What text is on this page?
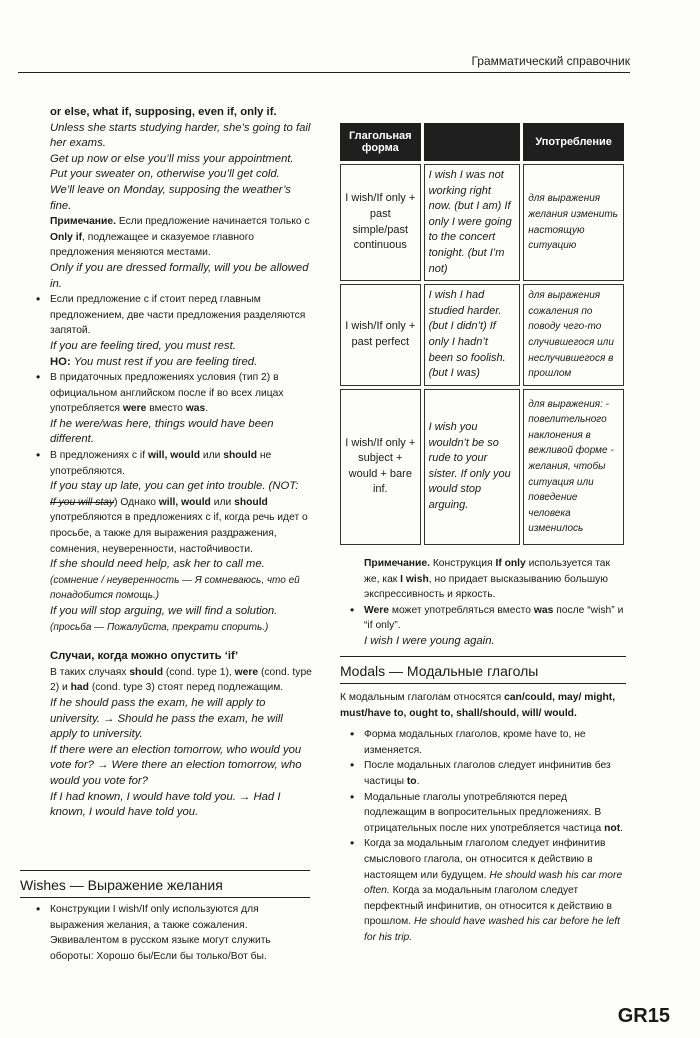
Грамматический справочник

or else, what if, supposing, even if, only if.

Unless she starts studying harder, she’s going to fail her exams.

Get up now or else you’ll miss your appointment.

Put your sweater on, otherwise you’ll get cold.

We’ll leave on Monday, supposing the weather’s fine.

Примечание. Если предложение начинается только с Only if, подлежащее и сказуемое главного предложения меняются местами.

Only if you are dressed formally, will you be allowed in.

• Если предложение с if стоит перед главным предложением, две части предложения разделяются запятой.

If you are feeling tired, you must rest.

НО: You must rest if you are feeling tired.

• В придаточных предложениях условия (тип 2) в официальном английском после if во всех лицах употребляется were вместо was.

If he were/was here, things would have been different.

• В предложениях с if will, would или should не употребляются.

If you stay up late, you can get into trouble. (NOT:

If you will stay) Однако will, would или should употребляются в предложениях с if, когда речь идет о просьбе, а также для выражения раздражения, сомнения, неуверенности, настойчивости.

If she should need help, ask her to call me.

(сомнение / неуверенность — Я сомневаюсь, что ей понадобится помощь.)

If you will stop arguing, we will find a solution.

(просьба — Пожалуйста, прекрати спорить.)

Случаи, когда можно опустить ‘if’

В таких случаях should (cond. type 1), were (cond. type 2) и had (cond. type 3) стоят перед подлежащим.

If he should pass the exam, he will apply to university. → Should he pass the exam, he will apply to university.

If there were an election tomorrow, who would you vote for? → Were there an election tomorrow, who would you vote for?

If I had known, I would have told you. → Had I known, I would have told you.

Wishes — Выражение желания

• Конструкции I wish/If only используются для выражения желания, а также сожаления. Эквивалентом в русском языке могут служить обороты: Хорошо бы/Если бы только/Вот бы.

Глагольная форма		Употребление
I wish/If only + past simple/past continuous	I wish I was not working right now. (but I am) If only I were going to the concert tonight. (but I’m not)	для выражения желания изменить настоящую ситуацию
I wish/If only + past perfect	I wish I had studied harder. (but I didn’t) If only I hadn’t been so foolish. (but I was)	для выражения сожаления по поводу чего-то случившегося или неслучившегося в прошлом
I wish/If only + subject + would + bare inf.	I wish you wouldn’t be so rude to your sister. If only you would stop arguing.	для выражения: - повелительного наклонения в вежливой форме - желания, чтобы ситуация или поведение человека изменилось

Примечание. Конструкция If only используется так же, как I wish, но придает высказыванию большую экспрессивность и яркость.

• Were может употребляться вместо was после “wish” и “if only”.

I wish I were young again.

Modals — Модальные глаголы

К модальным глаголам относятся can/could, may/ might, must/have to, ought to, shall/should, will/ would.

• Форма модальных глаголов, кроме have to, не изменяется.

• После модальных глаголов следует инфинитив без частицы to.

• Модальные глаголы употребляются перед подлежащим в вопросительных предложениях. В отрицательных после них употребляется частица not.

• Когда за модальным глаголом следует инфинитив смыслового глагола, он относится к действию в настоящем или будущем. He should wash his car more often. Когда за модальным глаголом следует перфектный инфинитив, он относится к действию в прошлом. He should have washed his car before he left for his trip.

GR15
